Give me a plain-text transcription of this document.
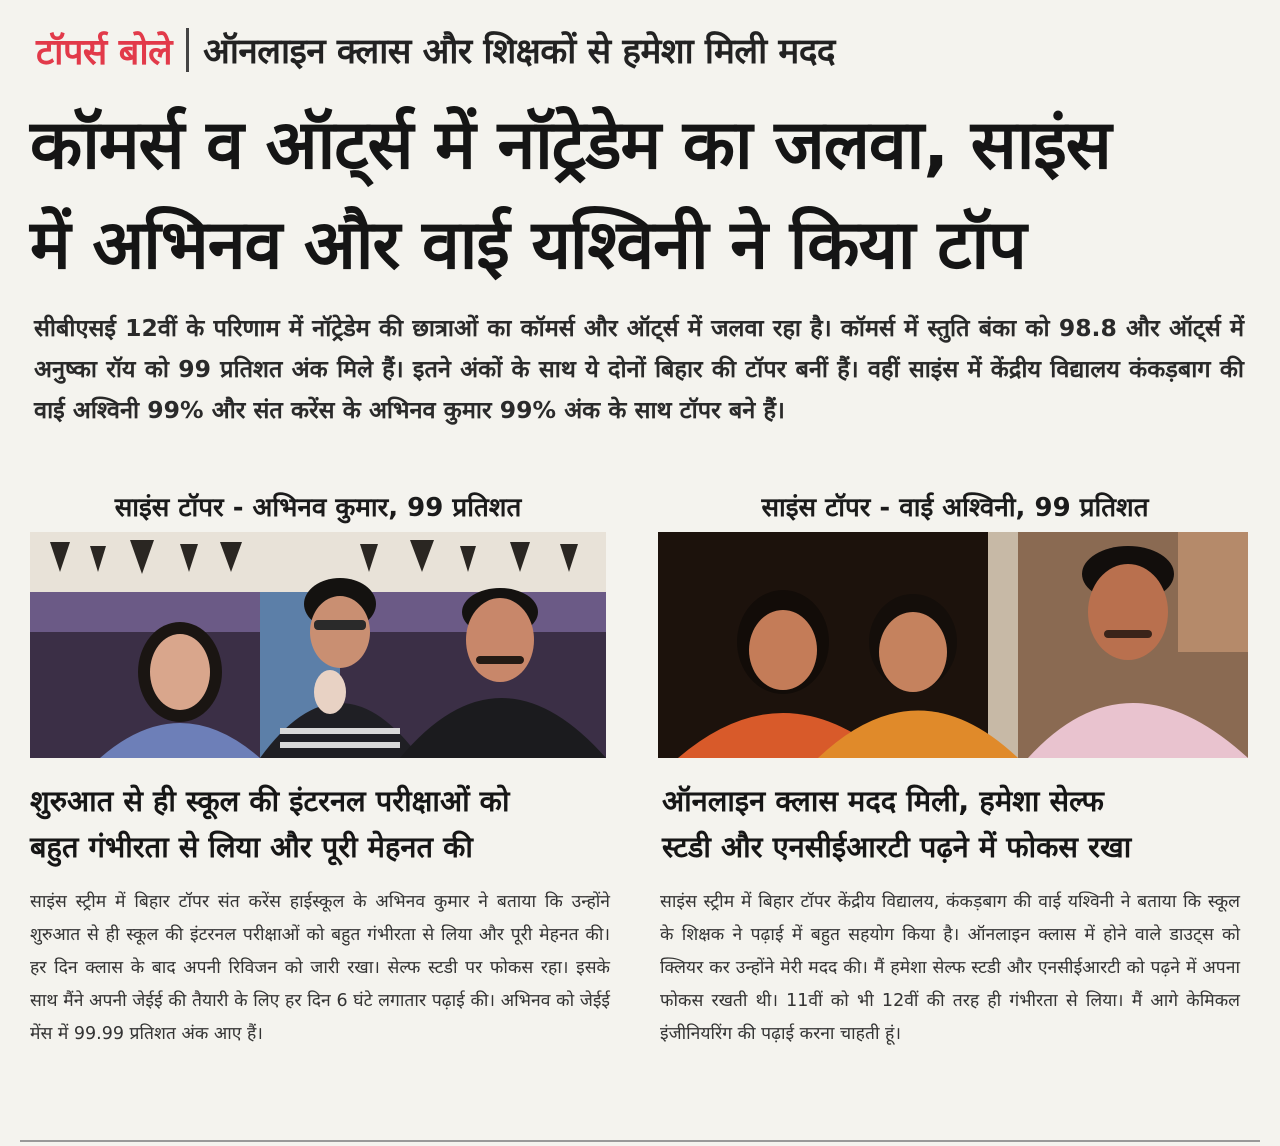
टॉपर्स बोले ऑनलाइन क्लास और शिक्षकों से हमेशा मिली मदद
कॉमर्स व ऑट्‌र्स में नॉट्रेडेम का जलवा, साइंस
में अभिनव और वाई यश्विनी ने किया टॉप
सीबीएसई 12वीं के परिणाम में नॉट्रेडेम की छात्राओं का कॉमर्स और ऑट्‌र्स में जलवा रहा है। कॉमर्स में स्तुति बंका को 98.8 और ऑट्‌र्स में अनुष्का रॉय को 99 प्रतिशत अंक मिले हैं। इतने अंकों के साथ ये दोनों बिहार की टॉपर बनीं हैं। वहीं साइंस में केंद्रीय विद्यालय कंकड़बाग की वाई अश्विनी 99% और संत करेंस के अभिनव कुमार 99% अंक के साथ टॉपर बने हैं।
साइंस टॉपर - अभिनव कुमार, 99 प्रतिशत
शुरुआत से ही स्कूल की इंटरनल परीक्षाओं को
बहुत गंभीरता से लिया और पूरी मेहनत की
साइंस स्ट्रीम में बिहार टॉपर संत करेंस हाईस्कूल के अभिनव कुमार ने बताया कि उन्होंने शुरुआत से ही स्कूल की इंटरनल परीक्षाओं को बहुत गंभीरता से लिया और पूरी मेहनत की। हर दिन क्लास के बाद अपनी रिविजन को जारी रखा। सेल्फ स्टडी पर फोकस रहा। इसके साथ मैंने अपनी जेईई की तैयारी के लिए हर दिन 6 घंटे लगातार पढ़ाई की। अभिनव को जेईई मेंस में 99.99 प्रतिशत अंक आए हैं।
साइंस टॉपर - वाई अश्विनी, 99 प्रतिशत
ऑनलाइन क्लास मदद मिली, हमेशा सेल्फ
स्टडी और एनसीईआरटी पढ़ने में फोकस रखा
साइंस स्ट्रीम में बिहार टॉपर केंद्रीय विद्यालय, कंकड़बाग की वाई यश्विनी ने बताया कि स्कूल के शिक्षक ने पढ़ाई में बहुत सहयोग किया है। ऑनलाइन क्लास में होने वाले डाउट्स को क्लियर कर उन्होंने मेरी मदद की। मैं हमेशा सेल्फ स्टडी और एनसीईआरटी को पढ़ने में अपना फोकस रखती थी। 11वीं को भी 12वीं की तरह ही गंभीरता से लिया। मैं आगे केमिकल इंजीनियरिंग की पढ़ाई करना चाहती हूं।
